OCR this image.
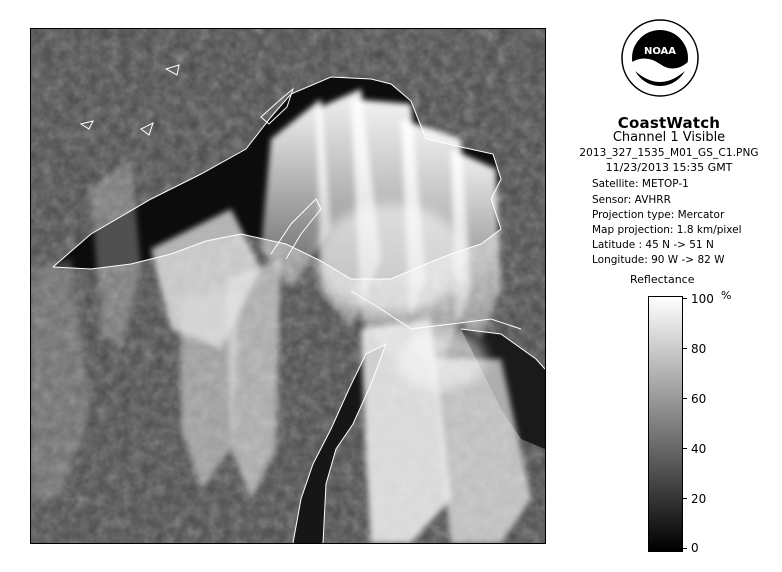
NOAA
CoastWatch
Channel 1 Visible
2013_327_1535_M01_GS_C1.PNG
11/23/2013 15:35 GMT
Satellite: METOP-1
Sensor: AVHRR
Projection type: Mercator
Map projection: 1.8 km/pixel
Latitude : 45 N -> 51 N
Longitude: 90 W -> 82 W
Reflectance
%
100
80
60
40
20
0
